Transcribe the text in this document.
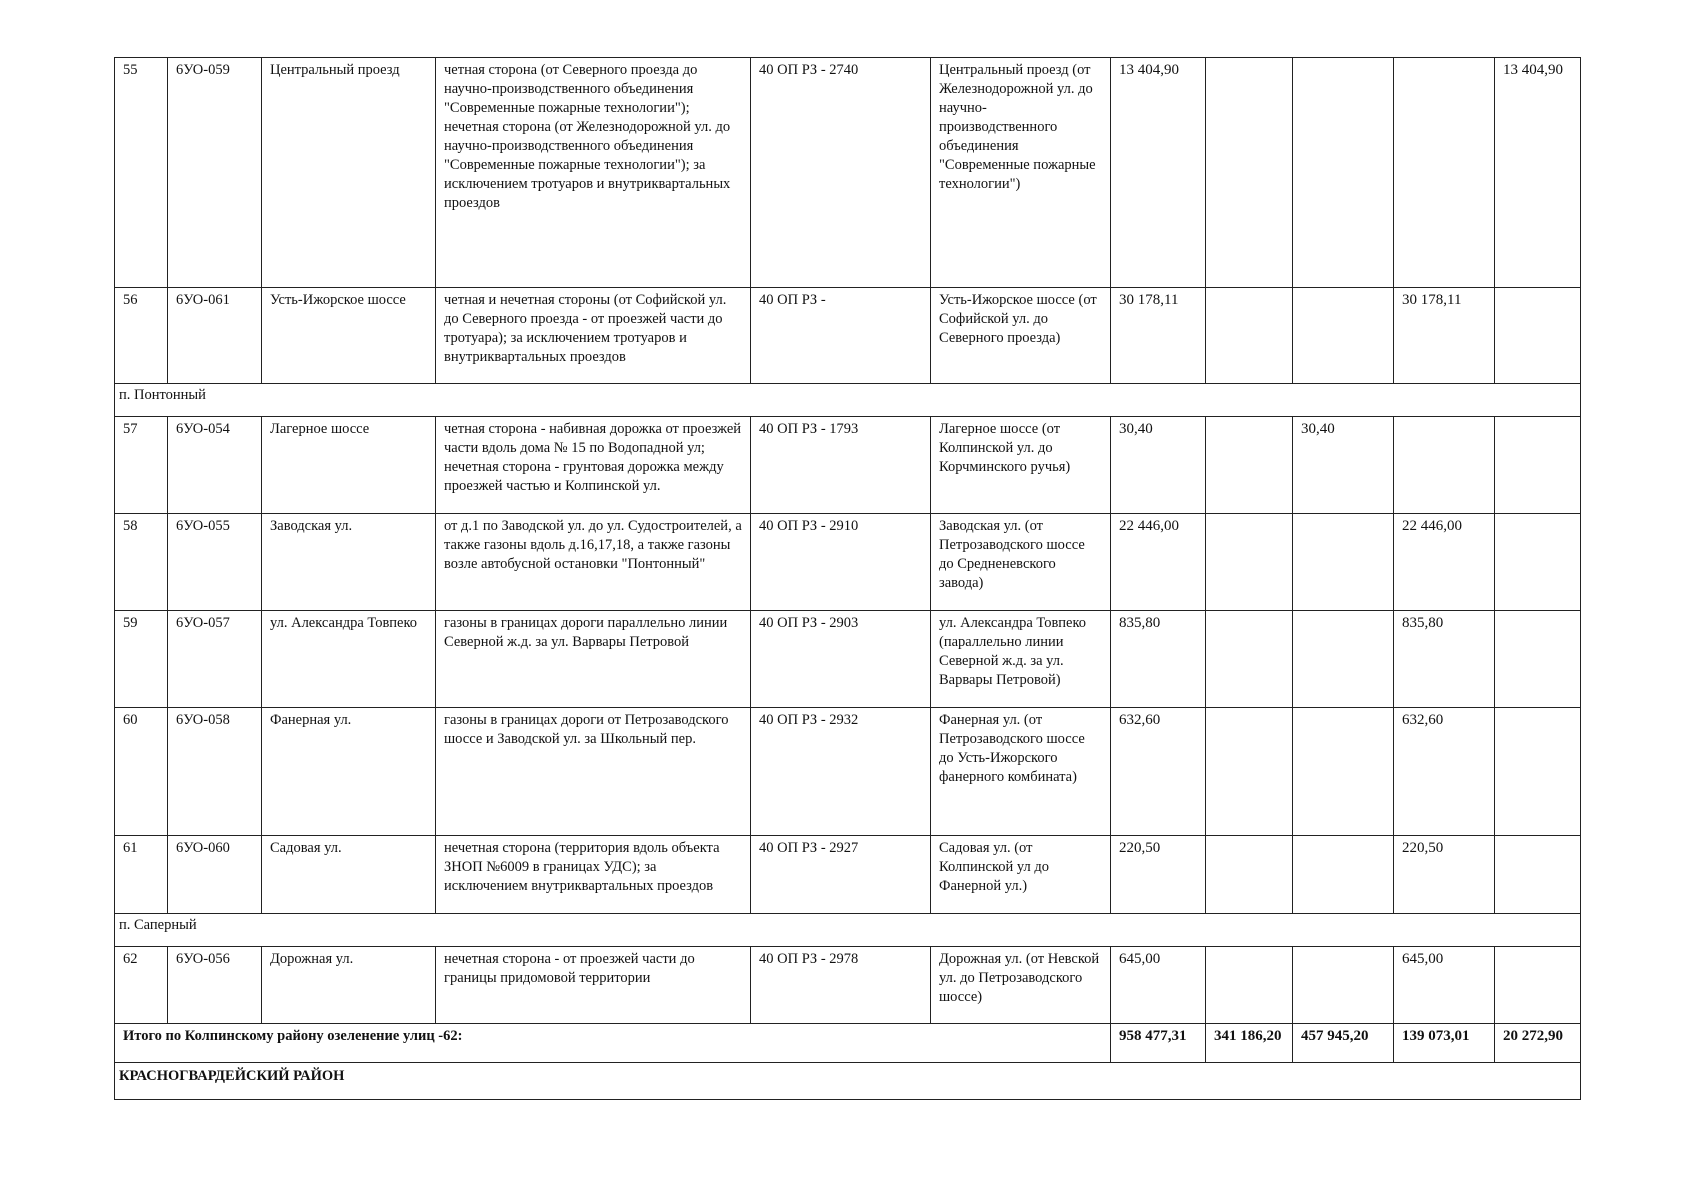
55	6УО-059	Центральный проезд	четная сторона (от Северного проезда до научно-производственного объединения "Современные пожарные технологии"); нечетная сторона (от Железнодорожной ул. до научно-производственного объединения "Современные пожарные технологии"); за исключением тротуаров и внутриквартальных проездов	40 ОП РЗ - 2740	Центральный проезд (от Железнодорожной ул. до научно-производственного объединения "Современные пожарные технологии")	13 404,90				13 404,90
56	6УО-061	Усть-Ижорское шоссе	четная и нечетная стороны (от Софийской ул. до Северного проезда - от проезжей части до тротуара); за исключением тротуаров и внутриквартальных проездов	40 ОП РЗ -	Усть-Ижорское шоссе (от Софийской ул. до Северного проезда)	30 178,11			30 178,11	
п. Понтонный										
57	6УО-054	Лагерное шоссе	четная сторона - набивная дорожка от проезжей части вдоль дома № 15 по Водопадной ул; нечетная сторона - грунтовая дорожка между проезжей частью и Колпинской ул.	40 ОП РЗ - 1793	Лагерное шоссе (от Колпинской ул. до Корчминского ручья)	30,40		30,40		
58	6УО-055	Заводская ул.	от д.1 по Заводской ул. до ул. Судостроителей, а также газоны вдоль д.16,17,18, а также газоны возле автобусной остановки "Понтонный"	40 ОП РЗ - 2910	Заводская ул. (от Петрозаводского шоссе до Средненевского завода)	22 446,00			22 446,00	
59	6УО-057	ул. Александра Товпеко	газоны в границах дороги параллельно линии Северной ж.д. за ул. Варвары Петровой	40 ОП РЗ - 2903	ул. Александра Товпеко (параллельно линии Северной ж.д. за ул. Варвары Петровой)	835,80			835,80	
60	6УО-058	Фанерная ул.	газоны в границах дороги от Петрозаводского шоссе и Заводской ул. за Школьный пер.	40 ОП РЗ - 2932	Фанерная ул. (от Петрозаводского шоссе до Усть-Ижорского фанерного комбината)	632,60			632,60	
61	6УО-060	Садовая ул.	нечетная сторона (территория вдоль объекта ЗНОП №6009 в границах УДС); за исключением внутриквартальных проездов	40 ОП РЗ - 2927	Садовая ул. (от Колпинской ул до Фанерной ул.)	220,50			220,50	
п. Саперный										
62	6УО-056	Дорожная ул.	нечетная сторона - от проезжей части до границы придомовой территории	40 ОП РЗ - 2978	Дорожная ул. (от Невской ул. до Петрозаводского шоссе)	645,00			645,00	
Итого по Колпинскому району озеленение улиц -62:						958 477,31	341 186,20	457 945,20	139 073,01	20 272,90
КРАСНОГВАРДЕЙСКИЙ РАЙОН										
